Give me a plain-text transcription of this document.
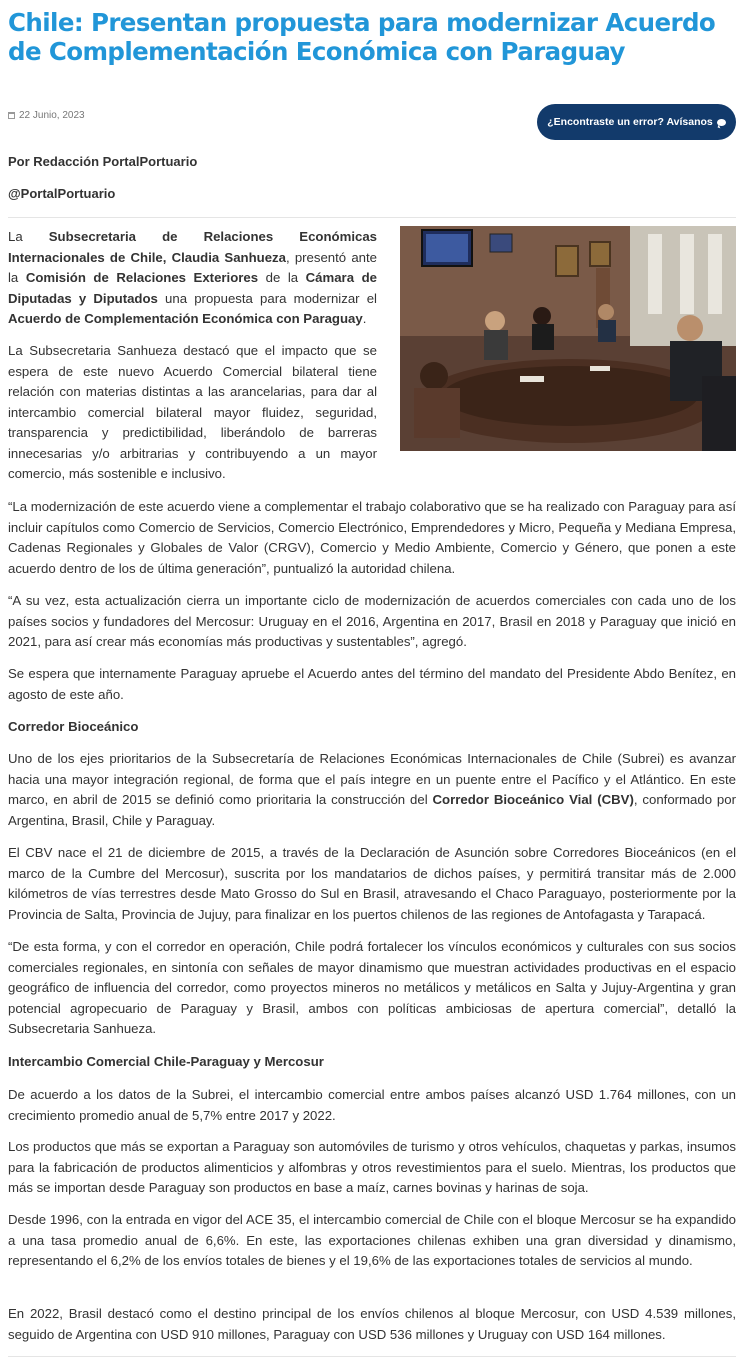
Chile: Presentan propuesta para modernizar Acuerdo de Complementación Económica con Paraguay
22 Junio, 2023
¿Encontraste un error? Avísanos
Por Redacción PortalPortuario
@PortalPortuario

La Subsecretaria de Relaciones Económicas Internacionales de Chile, Claudia Sanhueza, presentó ante la Comisión de Relaciones Exteriores de la Cámara de Diputadas y Diputados una propuesta para modernizar el Acuerdo de Complementación Económica con Paraguay.

La Subsecretaria Sanhueza destacó que el impacto que se espera de este nuevo Acuerdo Comercial bilateral tiene relación con materias distintas a las arancelarias, para dar al intercambio comercial bilateral mayor fluidez, seguridad, transparencia y predictibilidad, liberándolo de barreras innecesarias y/o arbitrarias y contribuyendo a un mayor comercio, más sostenible e inclusivo.

“La modernización de este acuerdo viene a complementar el trabajo colaborativo que se ha realizado con Paraguay para así incluir capítulos como Comercio de Servicios, Comercio Electrónico, Emprendedores y Micro, Pequeña y Mediana Empresa, Cadenas Regionales y Globales de Valor (CRGV), Comercio y Medio Ambiente, Comercio y Género, que ponen a este acuerdo dentro de los de última generación”, puntualizó la autoridad chilena.

“A su vez, esta actualización cierra un importante ciclo de modernización de acuerdos comerciales con cada uno de los países socios y fundadores del Mercosur: Uruguay en el 2016, Argentina en 2017, Brasil en 2018 y Paraguay que inició en 2021, para así crear más economías más productivas y sustentables”, agregó.

Se espera que internamente Paraguay apruebe el Acuerdo antes del término del mandato del Presidente Abdo Benítez, en agosto de este año.

Corredor Bioceánico

Uno de los ejes prioritarios de la Subsecretaría de Relaciones Económicas Internacionales de Chile (Subrei) es avanzar hacia una mayor integración regional, de forma que el país integre en un puente entre el Pacífico y el Atlántico. En este marco, en abril de 2015 se definió como prioritaria la construcción del Corredor Bioceánico Vial (CBV), conformado por Argentina, Brasil, Chile y Paraguay.

El CBV nace el 21 de diciembre de 2015, a través de la Declaración de Asunción sobre Corredores Bioceánicos (en el marco de la Cumbre del Mercosur), suscrita por los mandatarios de dichos países, y permitirá transitar más de 2.000 kilómetros de vías terrestres desde Mato Grosso do Sul en Brasil, atravesando el Chaco Paraguayo, posteriormente por la Provincia de Salta, Provincia de Jujuy, para finalizar en los puertos chilenos de las regiones de Antofagasta y Tarapacá.

“De esta forma, y con el corredor en operación, Chile podrá fortalecer los vínculos económicos y culturales con sus socios comerciales regionales, en sintonía con señales de mayor dinamismo que muestran actividades productivas en el espacio geográfico de influencia del corredor, como proyectos mineros no metálicos y metálicos en Salta y Jujuy-Argentina y gran potencial agropecuario de Paraguay y Brasil, ambos con políticas ambiciosas de apertura comercial”, detalló la Subsecretaria Sanhueza.

Intercambio Comercial Chile-Paraguay y Mercosur

De acuerdo a los datos de la Subrei, el intercambio comercial entre ambos países alcanzó USD 1.764 millones, con un crecimiento promedio anual de 5,7% entre 2017 y 2022.

Los productos que más se exportan a Paraguay son automóviles de turismo y otros vehículos, chaquetas y parkas, insumos para la fabricación de productos alimenticios y alfombras y otros revestimientos para el suelo. Mientras, los productos que más se importan desde Paraguay son productos en base a maíz, carnes bovinas y harinas de soja.

Desde 1996, con la entrada en vigor del ACE 35, el intercambio comercial de Chile con el bloque Mercosur se ha expandido a una tasa promedio anual de 6,6%. En este, las exportaciones chilenas exhiben una gran diversidad y dinamismo, representando el 6,2% de los envíos totales de bienes y el 19,6% de las exportaciones totales de servicios al mundo.

En 2022, Brasil destacó como el destino principal de los envíos chilenos al bloque Mercosur, con USD 4.539 millones, seguido de Argentina con USD 910 millones, Paraguay con USD 536 millones y Uruguay con USD 164 millones.
